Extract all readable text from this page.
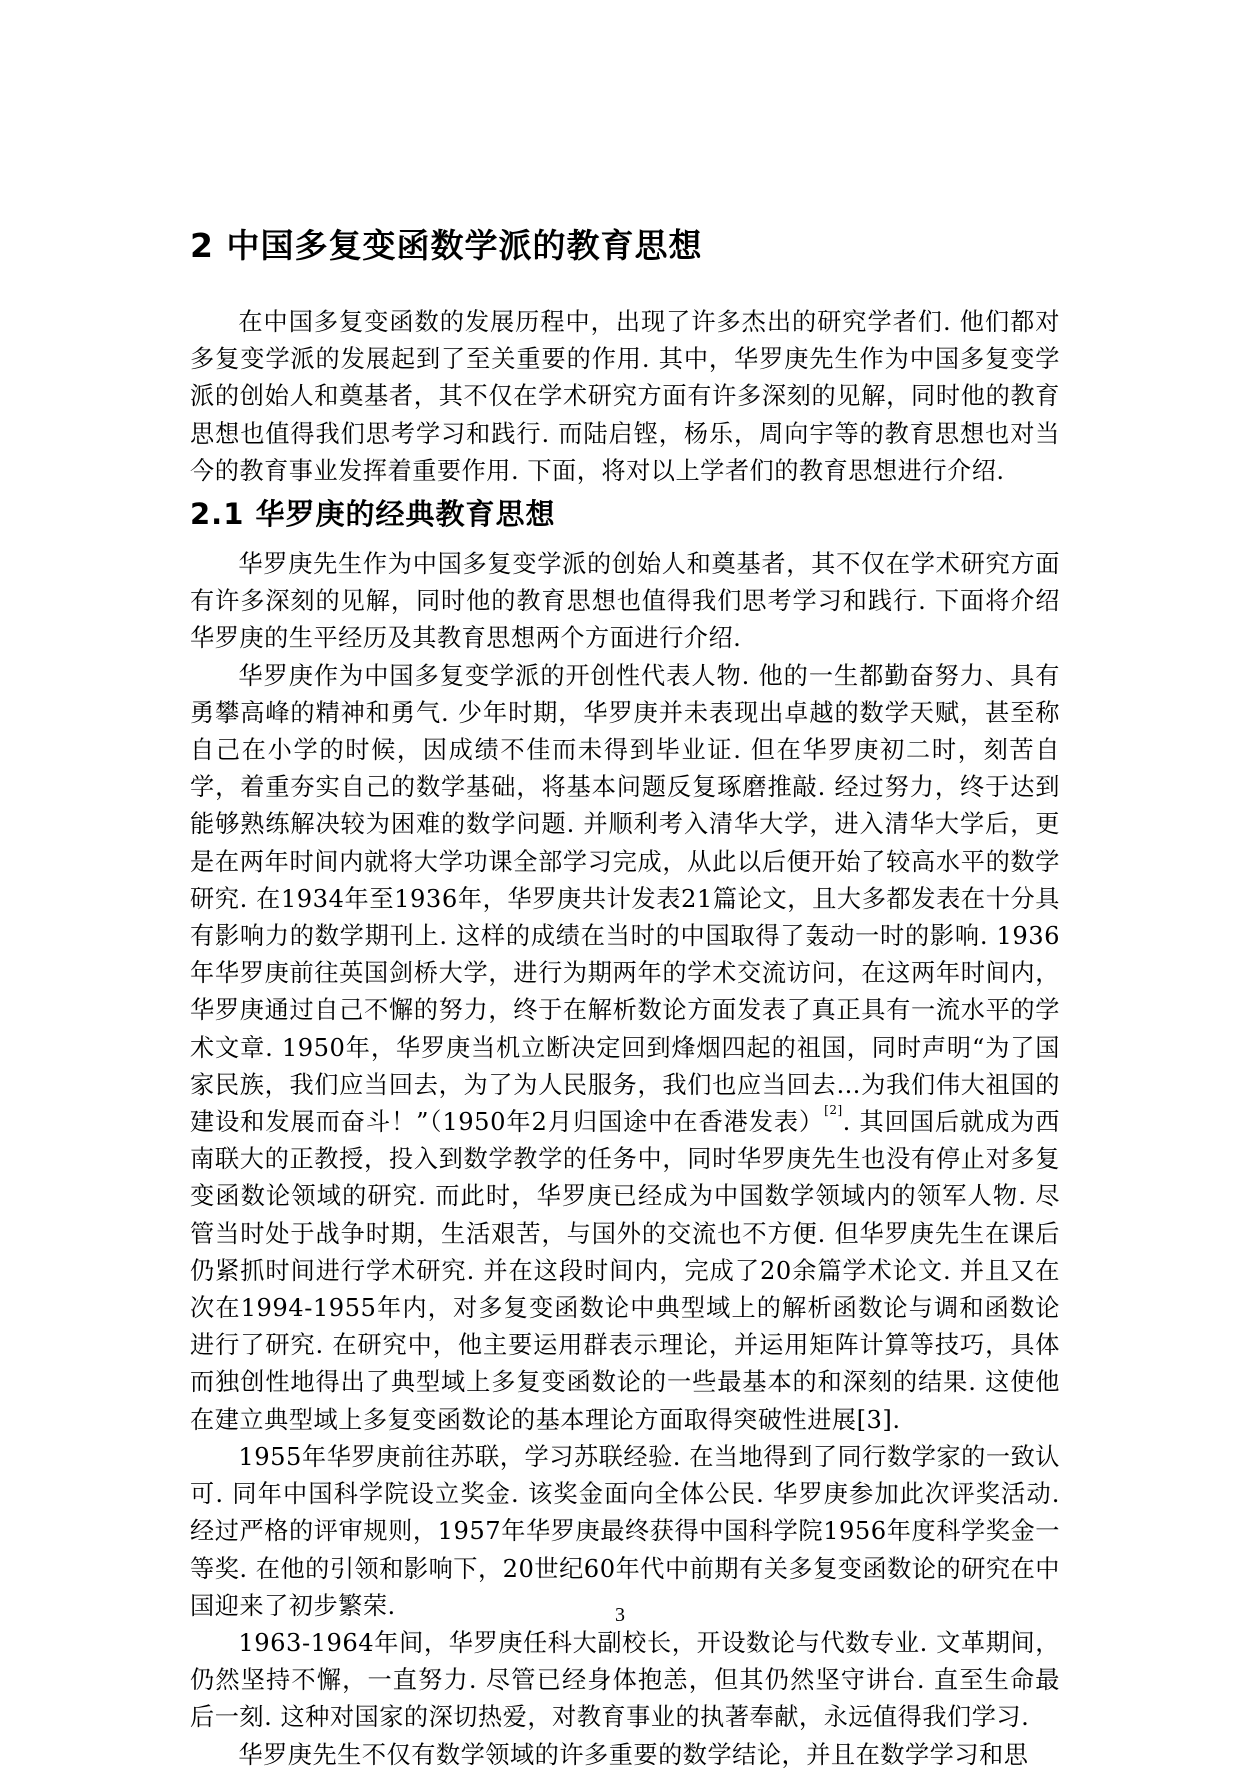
2 中国多复变函数学派的教育思想

在中国多复变函数的发展历程中，出现了许多杰出的研究学者们. 他们都对多复变学派的发展起到了至关重要的作用. 其中，华罗庚先生作为中国多复变学派的创始人和奠基者，其不仅在学术研究方面有许多深刻的见解，同时他的教育思想也值得我们思考学习和践行. 而陆启铿，杨乐，周向宇等的教育思想也对当今的教育事业发挥着重要作用. 下面，将对以上学者们的教育思想进行介绍.

2.1 华罗庚的经典教育思想

华罗庚先生作为中国多复变学派的创始人和奠基者，其不仅在学术研究方面有许多深刻的见解，同时他的教育思想也值得我们思考学习和践行. 下面将介绍华罗庚的生平经历及其教育思想两个方面进行介绍.

华罗庚作为中国多复变学派的开创性代表人物. 他的一生都勤奋努力、具有勇攀高峰的精神和勇气. 少年时期，华罗庚并未表现出卓越的数学天赋，甚至称自己在小学的时候，因成绩不佳而未得到毕业证. 但在华罗庚初二时，刻苦自学，着重夯实自己的数学基础，将基本问题反复琢磨推敲. 经过努力，终于达到能够熟练解决较为困难的数学问题. 并顺利考入清华大学，进入清华大学后，更是在两年时间内就将大学功课全部学习完成，从此以后便开始了较高水平的数学研究. 在1934年至1936年，华罗庚共计发表21篇论文，且大多都发表在十分具有影响力的数学期刊上. 这样的成绩在当时的中国取得了轰动一时的影响. 1936年华罗庚前往英国剑桥大学，进行为期两年的学术交流访问，在这两年时间内，华罗庚通过自己不懈的努力，终于在解析数论方面发表了真正具有一流水平的学术文章. 1950年，华罗庚当机立断决定回到烽烟四起的祖国，同时声明“为了国家民族，我们应当回去，为了为人民服务，我们也应当回去…为我们伟大祖国的建设和发展而奋斗！”（1950年2月归国途中在香港发表）[2]. 其回国后就成为西南联大的正教授，投入到数学教学的任务中，同时华罗庚先生也没有停止对多复变函数论领域的研究. 而此时，华罗庚已经成为中国数学领域内的领军人物. 尽管当时处于战争时期，生活艰苦，与国外的交流也不方便. 但华罗庚先生在课后仍紧抓时间进行学术研究. 并在这段时间内，完成了20余篇学术论文. 并且又在次在1994-1955年内，对多复变函数论中典型域上的解析函数论与调和函数论进行了研究. 在研究中，他主要运用群表示理论，并运用矩阵计算等技巧，具体而独创性地得出了典型域上多复变函数论的一些最基本的和深刻的结果. 这使他在建立典型域上多复变函数论的基本理论方面取得突破性进展[3].

1955年华罗庚前往苏联，学习苏联经验. 在当地得到了同行数学家的一致认可. 同年中国科学院设立奖金. 该奖金面向全体公民. 华罗庚参加此次评奖活动. 经过严格的评审规则，1957年华罗庚最终获得中国科学院1956年度科学奖金一等奖. 在他的引领和影响下，20世纪60年代中前期有关多复变函数论的研究在中国迎来了初步繁荣.

1963-1964年间，华罗庚任科大副校长，开设数论与代数专业. 文革期间，仍然坚持不懈，一直努力. 尽管已经身体抱恙，但其仍然坚守讲台. 直至生命最后一刻. 这种对国家的深切热爱，对教育事业的执著奉献，永远值得我们学习.

华罗庚先生不仅有数学领域的许多重要的数学结论，并且在数学学习和思

3
